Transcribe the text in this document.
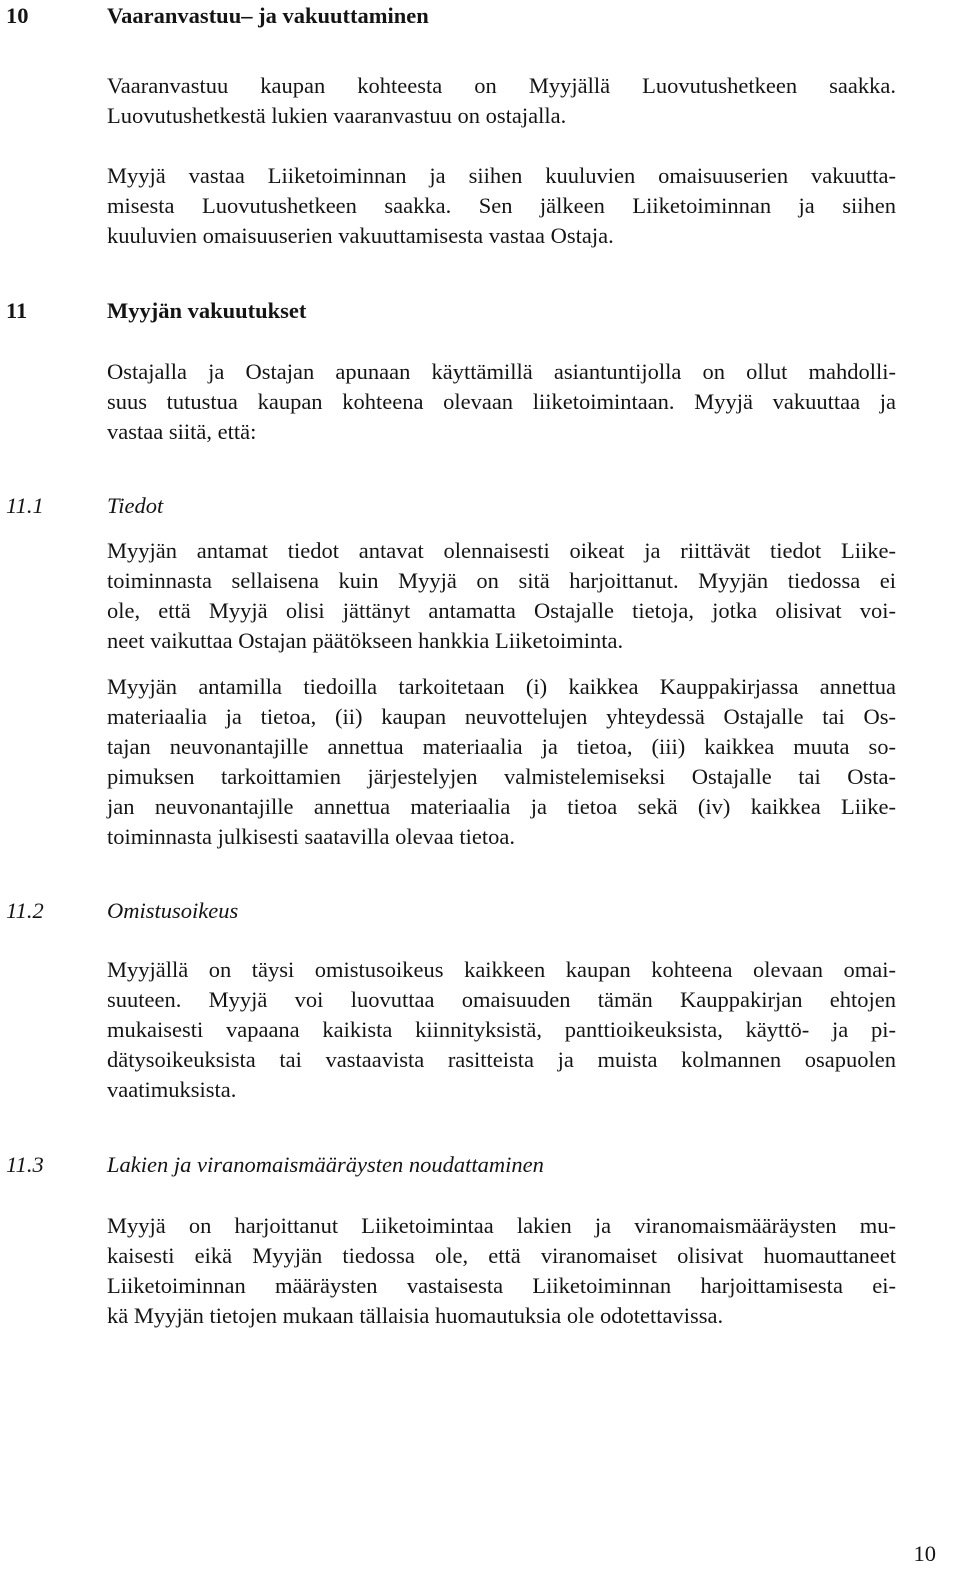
10	Vaaranvastuu– ja vakuuttaminen
Vaaranvastuu kaupan kohteesta on Myyjällä Luovutushetkeen saakka.
Luovutushetkestä lukien vaaranvastuu on ostajalla.
Myyjä vastaa Liiketoiminnan ja siihen kuuluvien omaisuuserien vakuutta-
misesta Luovutushetkeen saakka. Sen jälkeen Liiketoiminnan ja siihen
kuuluvien omaisuuserien vakuuttamisesta vastaa Ostaja.
11	Myyjän vakuutukset
Ostajalla ja Ostajan apunaan käyttämillä asiantuntijolla on ollut mahdolli-
suus tutustua kaupan kohteena olevaan liiketoimintaan. Myyjä vakuuttaa ja
vastaa siitä, että:
11.1	Tiedot
Myyjän antamat tiedot antavat olennaisesti oikeat ja riittävät tiedot Liike-
toiminnasta sellaisena kuin Myyjä on sitä harjoittanut. Myyjän tiedossa ei
ole, että Myyjä olisi jättänyt antamatta Ostajalle tietoja, jotka olisivat voi-
neet vaikuttaa Ostajan päätökseen hankkia Liiketoiminta.
Myyjän antamilla tiedoilla tarkoitetaan (i) kaikkea Kauppakirjassa annettua
materiaalia ja tietoa, (ii) kaupan neuvottelujen yhteydessä Ostajalle tai Os-
tajan neuvonantajille annettua materiaalia ja tietoa, (iii) kaikkea muuta so-
pimuksen tarkoittamien järjestelyjen valmistelemiseksi Ostajalle tai Osta-
jan neuvonantajille annettua materiaalia ja tietoa sekä (iv) kaikkea Liike-
toiminnasta julkisesti saatavilla olevaa tietoa.
11.2	Omistusoikeus
Myyjällä on täysi omistusoikeus kaikkeen kaupan kohteena olevaan omai-
suuteen. Myyjä voi luovuttaa omaisuuden tämän Kauppakirjan ehtojen
mukaisesti vapaana kaikista kiinnityksistä, panttioikeuksista, käyttö- ja pi-
dätysoikeuksista tai vastaavista rasitteista ja muista kolmannen osapuolen
vaatimuksista.
11.3	Lakien ja viranomaismääräysten noudattaminen
Myyjä on harjoittanut Liiketoimintaa lakien ja viranomaismääräysten mu-
kaisesti eikä Myyjän tiedossa ole, että viranomaiset olisivat huomauttaneet
Liiketoiminnan määräysten vastaisesta Liiketoiminnan harjoittamisesta ei-
kä Myyjän tietojen mukaan tällaisia huomautuksia ole odotettavissa.
10
